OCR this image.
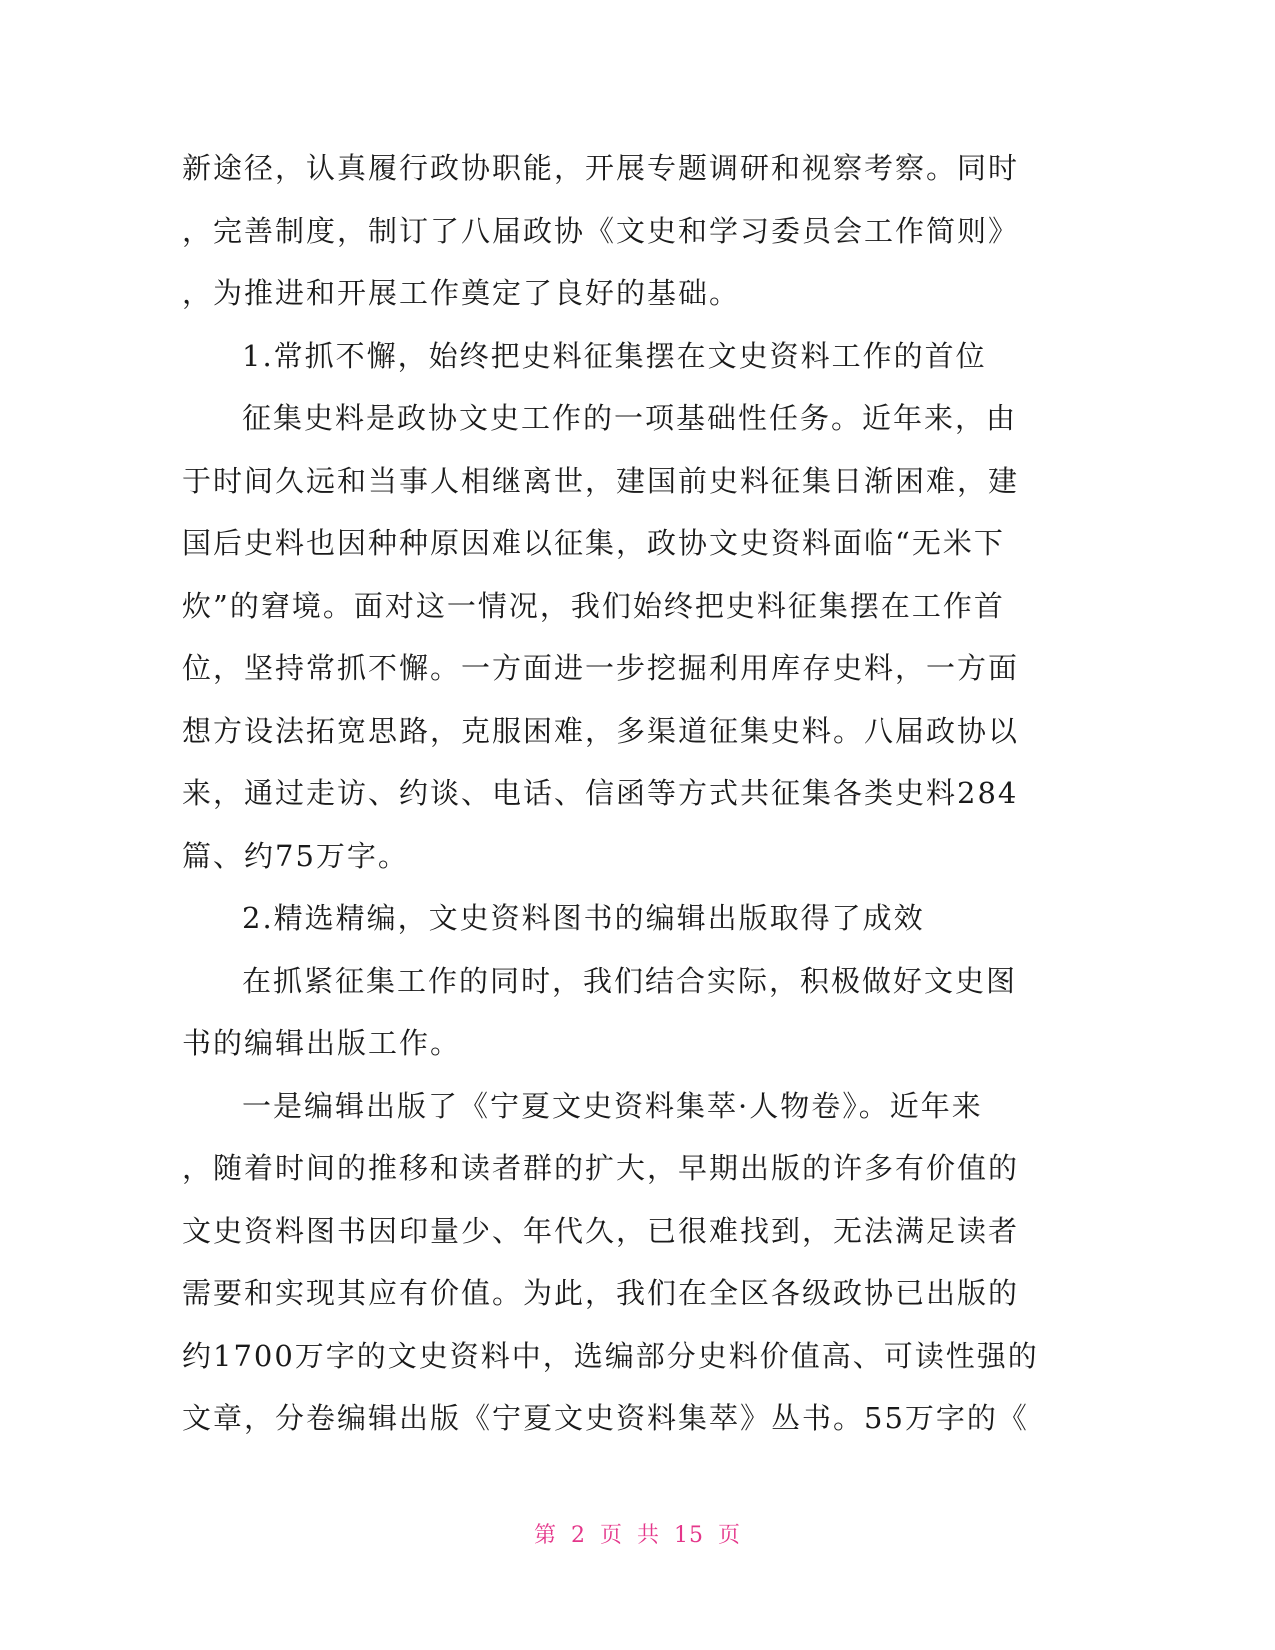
新途径，认真履行政协职能，开展专题调研和视察考察。同时
，完善制度，制订了八届政协《文史和学习委员会工作简则》
，为推进和开展工作奠定了良好的基础。
1.常抓不懈，始终把史料征集摆在文史资料工作的首位
征集史料是政协文史工作的一项基础性任务。近年来，由
于时间久远和当事人相继离世，建国前史料征集日渐困难，建
国后史料也因种种原因难以征集，政协文史资料面临“无米下
炊”的窘境。面对这一情况，我们始终把史料征集摆在工作首
位，坚持常抓不懈。一方面进一步挖掘利用库存史料，一方面
想方设法拓宽思路，克服困难，多渠道征集史料。八届政协以
来，通过走访、约谈、电话、信函等方式共征集各类史料284
篇、约75万字。
2.精选精编，文史资料图书的编辑出版取得了成效
在抓紧征集工作的同时，我们结合实际，积极做好文史图
书的编辑出版工作。
一是编辑出版了《宁夏文史资料集萃·人物卷》。近年来
，随着时间的推移和读者群的扩大，早期出版的许多有价值的
文史资料图书因印量少、年代久，已很难找到，无法满足读者
需要和实现其应有价值。为此，我们在全区各级政协已出版的
约1700万字的文史资料中，选编部分史料价值高、可读性强的
文章，分卷编辑出版《宁夏文史资料集萃》丛书。55万字的《
第 2 页 共 15 页
